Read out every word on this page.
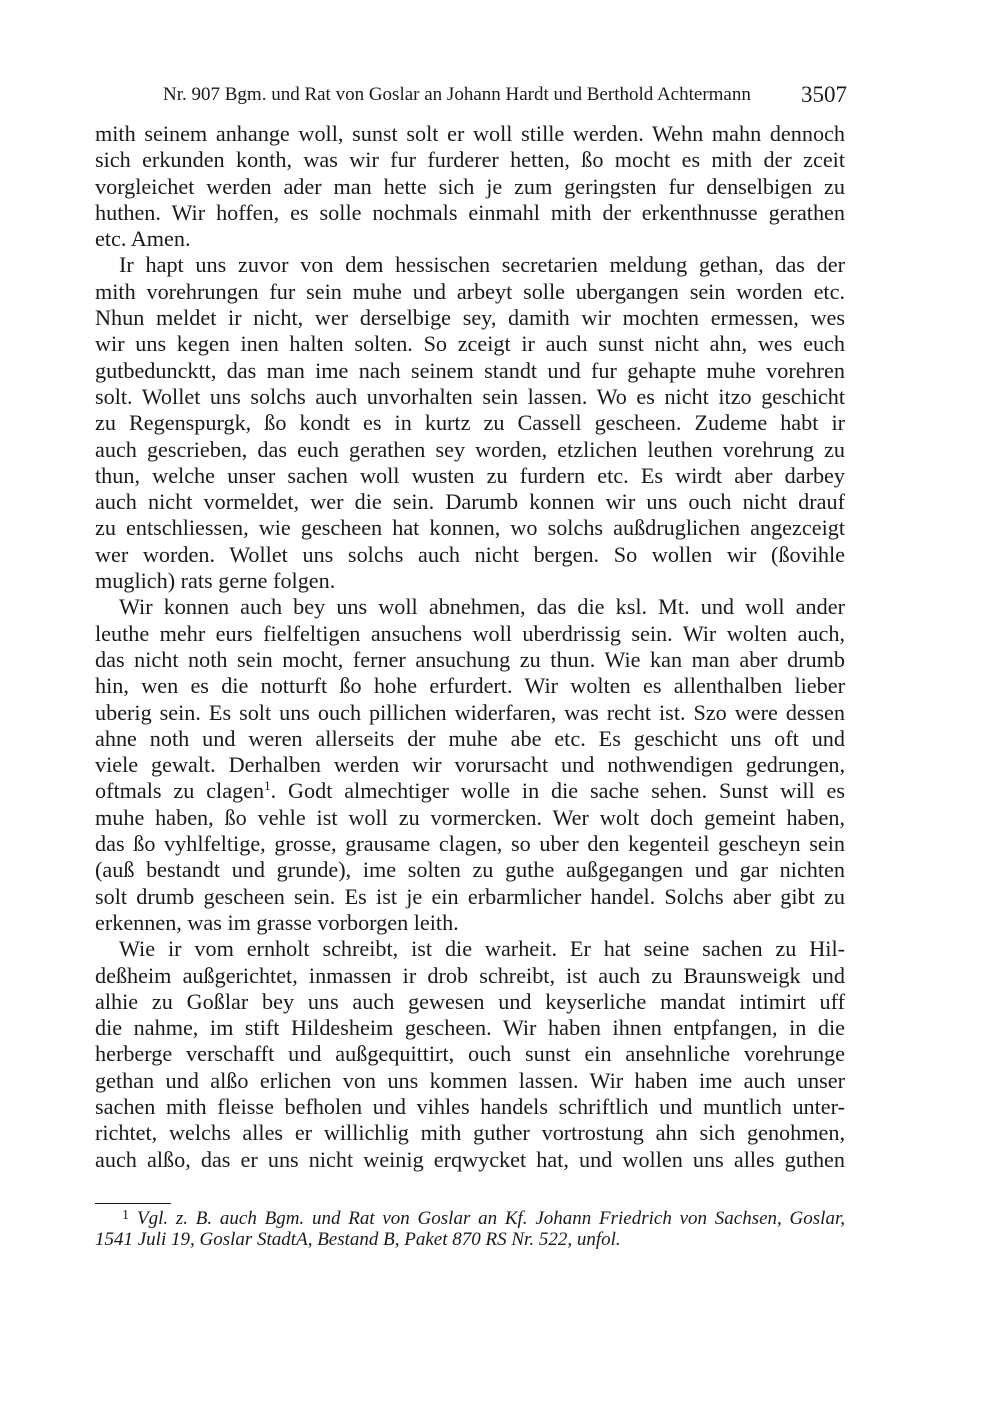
Nr. 907 Bgm. und Rat von Goslar an Johann Hardt und Berthold Achtermann 3507
mith seinem anhange woll, sunst solt er woll stille werden. Wehn mahn dennoch
sich erkunden konth, was wir fur furderer hetten, ßo mocht es mith der zceit
vorgleichet werden ader man hette sich je zum geringsten fur denselbigen zu
huthen. Wir hoffen, es solle nochmals einmahl mith der erkenthnusse gerathen
etc. Amen.
Ir hapt uns zuvor von dem hessischen secretarien meldung gethan, das der
mith vorehrungen fur sein muhe und arbeyt solle ubergangen sein worden etc.
Nhun meldet ir nicht, wer derselbige sey, damith wir mochten ermessen, wes
wir uns kegen inen halten solten. So zceigt ir auch sunst nicht ahn, wes euch
gutbeduncktt, das man ime nach seinem standt und fur gehapte muhe vorehren
solt. Wollet uns solchs auch unvorhalten sein lassen. Wo es nicht itzo geschicht
zu Regenspurgk, ßo kondt es in kurtz zu Cassell gescheen. Zudeme habt ir
auch gescrieben, das euch gerathen sey worden, etzlichen leuthen vorehrung zu
thun, welche unser sachen woll wusten zu furdern etc. Es wirdt aber darbey
auch nicht vormeldet, wer die sein. Darumb konnen wir uns ouch nicht drauf
zu entschliessen, wie gescheen hat konnen, wo solchs außdruglichen angezceigt
wer worden. Wollet uns solchs auch nicht bergen. So wollen wir (ßovihle
muglich) rats gerne folgen.
Wir konnen auch bey uns woll abnehmen, das die ksl. Mt. und woll ander
leuthe mehr eurs fielfeltigen ansuchens woll uberdrissig sein. Wir wolten auch,
das nicht noth sein mocht, ferner ansuchung zu thun. Wie kan man aber drumb
hin, wen es die notturft ßo hohe erfurdert. Wir wolten es allenthalben lieber
uberig sein. Es solt uns ouch pillichen widerfaren, was recht ist. Szo were dessen
ahne noth und weren allerseits der muhe abe etc. Es geschicht uns oft und
viele gewalt. Derhalben werden wir vorursacht und nothwendigen gedrungen,
oftmals zu clagen$^1$. Godt almechtiger wolle in die sache sehen. Sunst will es
muhe haben, ßo vehle ist woll zu vormercken. Wer wolt doch gemeint haben,
das ßo vyhlfeltige, grosse, grausame clagen, so uber den kegenteil gescheyn sein
(auß bestandt und grunde), ime solten zu guthe außgegangen und gar nichten
solt drumb gescheen sein. Es ist je ein erbarmlicher handel. Solchs aber gibt zu
erkennen, was im grasse vorborgen leith.
Wie ir vom ernholt schreibt, ist die warheit. Er hat seine sachen zu Hil-
deßheim außgerichtet, inmassen ir drob schreibt, ist auch zu Braunsweigk und
alhie zu Goßlar bey uns auch gewesen und keyserliche mandat intimirt uff
die nahme, im stift Hildesheim gescheen. Wir haben ihnen entpfangen, in die
herberge verschafft und außgequittirt, ouch sunst ein ansehnliche vorehrunge
gethan und alßo erlichen von uns kommen lassen. Wir haben ime auch unser
sachen mith fleisse befholen und vihles handels schriftlich und muntlich unter-
richtet, welchs alles er willichlig mith guther vortrostung ahn sich genohmen,
auch alßo, das er uns nicht weinig erqwycket hat, und wollen uns alles guthen
$^1$ Vgl. z. B. auch Bgm. und Rat von Goslar an Kf. Johann Friedrich von Sachsen, Goslar,
1541 Juli 19, Goslar StadtA, Bestand B, Paket 870 RS Nr. 522, unfol.
